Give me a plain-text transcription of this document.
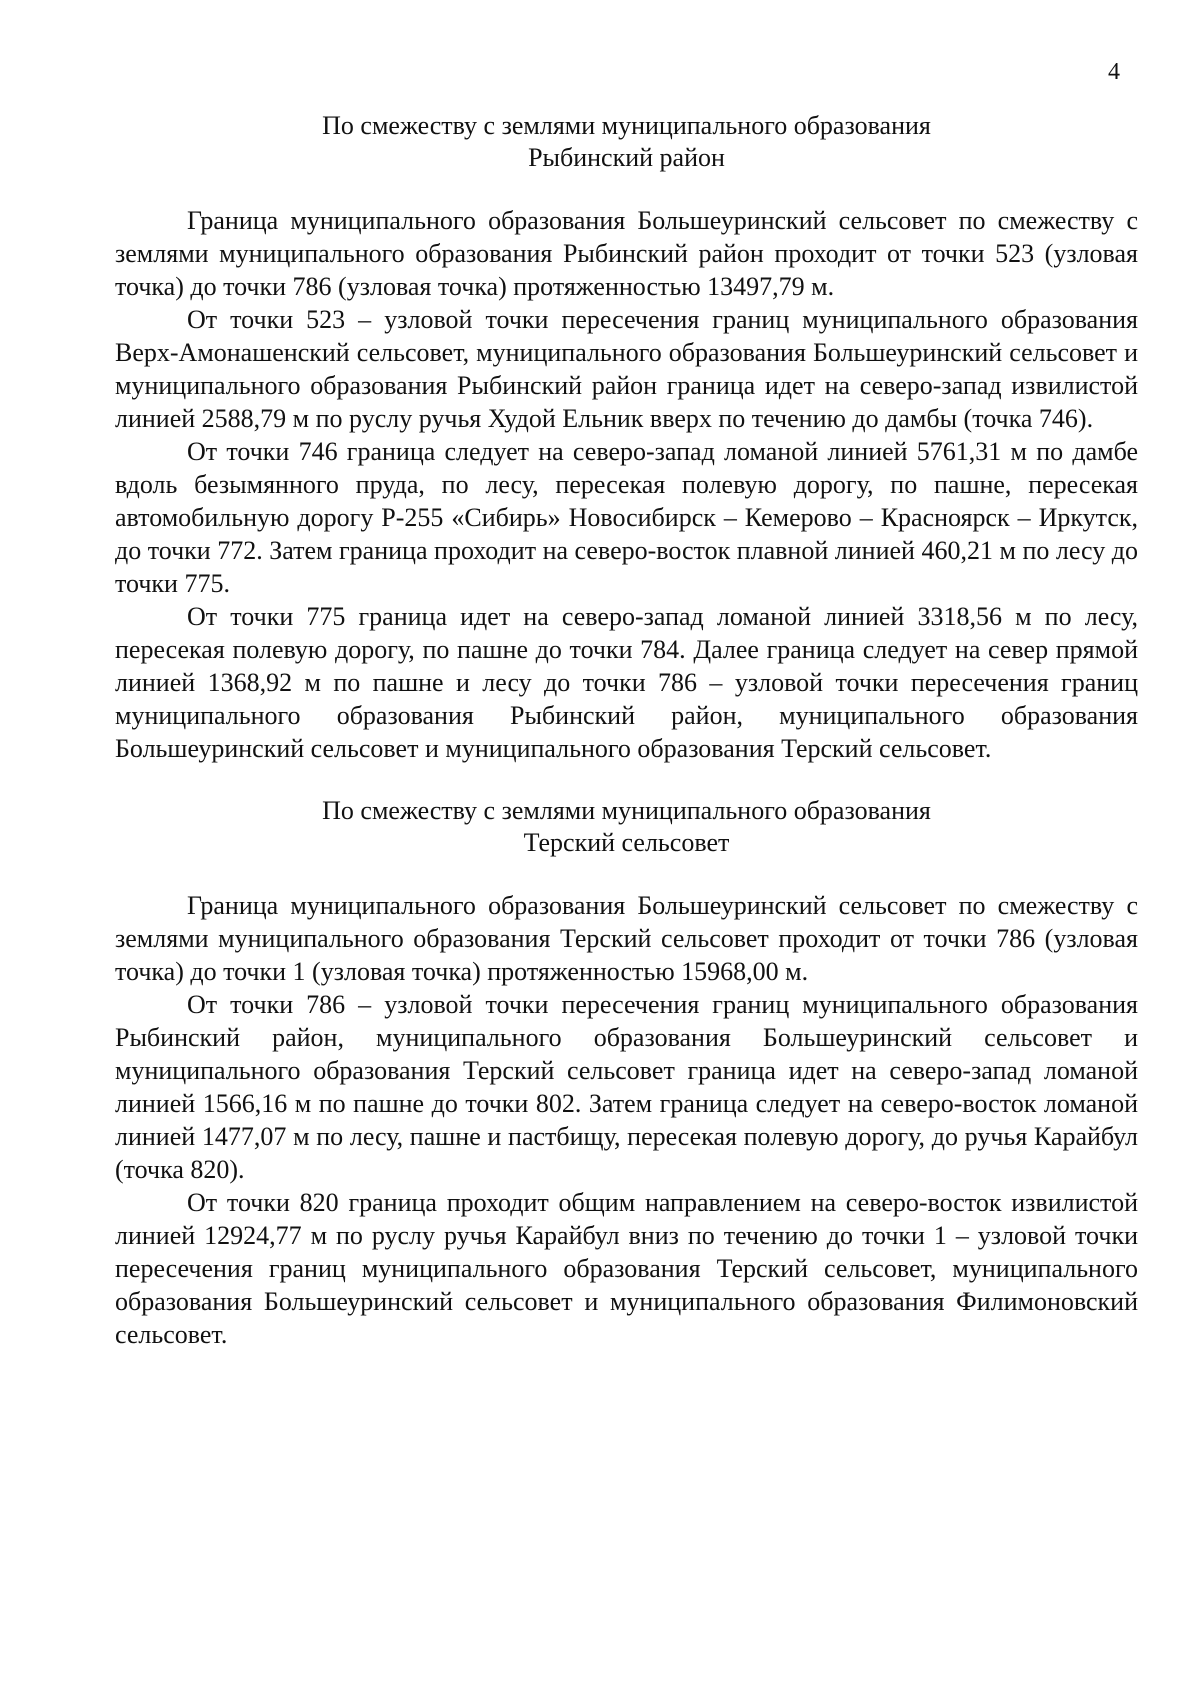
4
По смежеству с землями муниципального образования
Рыбинский район

Граница муниципального образования Большеуринский сельсовет по смежеству с землями муниципального образования Рыбинский район проходит от точки 523 (узловая точка) до точки 786 (узловая точка) протяженностью 13497,79 м.

От точки 523 – узловой точки пересечения границ муниципального образования Верх-Амонашенский сельсовет, муниципального образования Большеуринский сельсовет и муниципального образования Рыбинский район граница идет на северо-запад извилистой линией 2588,79 м по руслу ручья Худой Ельник вверх по течению до дамбы (точка 746).

От точки 746 граница следует на северо-запад ломаной линией 5761,31 м по дамбе вдоль безымянного пруда, по лесу, пересекая полевую дорогу, по пашне, пересекая автомобильную дорогу Р-255 «Сибирь» Новосибирск – Кемерово – Красноярск – Иркутск, до точки 772. Затем граница проходит на северо-восток плавной линией 460,21 м по лесу до точки 775.

От точки 775 граница идет на северо-запад ломаной линией 3318,56 м по лесу, пересекая полевую дорогу, по пашне до точки 784. Далее граница следует на север прямой линией 1368,92 м по пашне и лесу до точки 786 – узловой точки пересечения границ муниципального образования Рыбинский район, муниципального образования Большеуринский сельсовет и муниципального образования Терский сельсовет.

По смежеству с землями муниципального образования
Терский сельсовет

Граница муниципального образования Большеуринский сельсовет по смежеству с землями муниципального образования Терский сельсовет проходит от точки 786 (узловая точка) до точки 1 (узловая точка) протяженностью 15968,00 м.

От точки 786 – узловой точки пересечения границ муниципального образования Рыбинский район, муниципального образования Большеуринский сельсовет и муниципального образования Терский сельсовет граница идет на северо-запад ломаной линией 1566,16 м по пашне до точки 802. Затем граница следует на северо-восток ломаной линией 1477,07 м по лесу, пашне и пастбищу, пересекая полевую дорогу, до ручья Карайбул (точка 820).

От точки 820 граница проходит общим направлением на северо-восток извилистой линией 12924,77 м по руслу ручья Карайбул вниз по течению до точки 1 – узловой точки пересечения границ муниципального образования Терский сельсовет, муниципального образования Большеуринский сельсовет и муниципального образования Филимоновский сельсовет.
